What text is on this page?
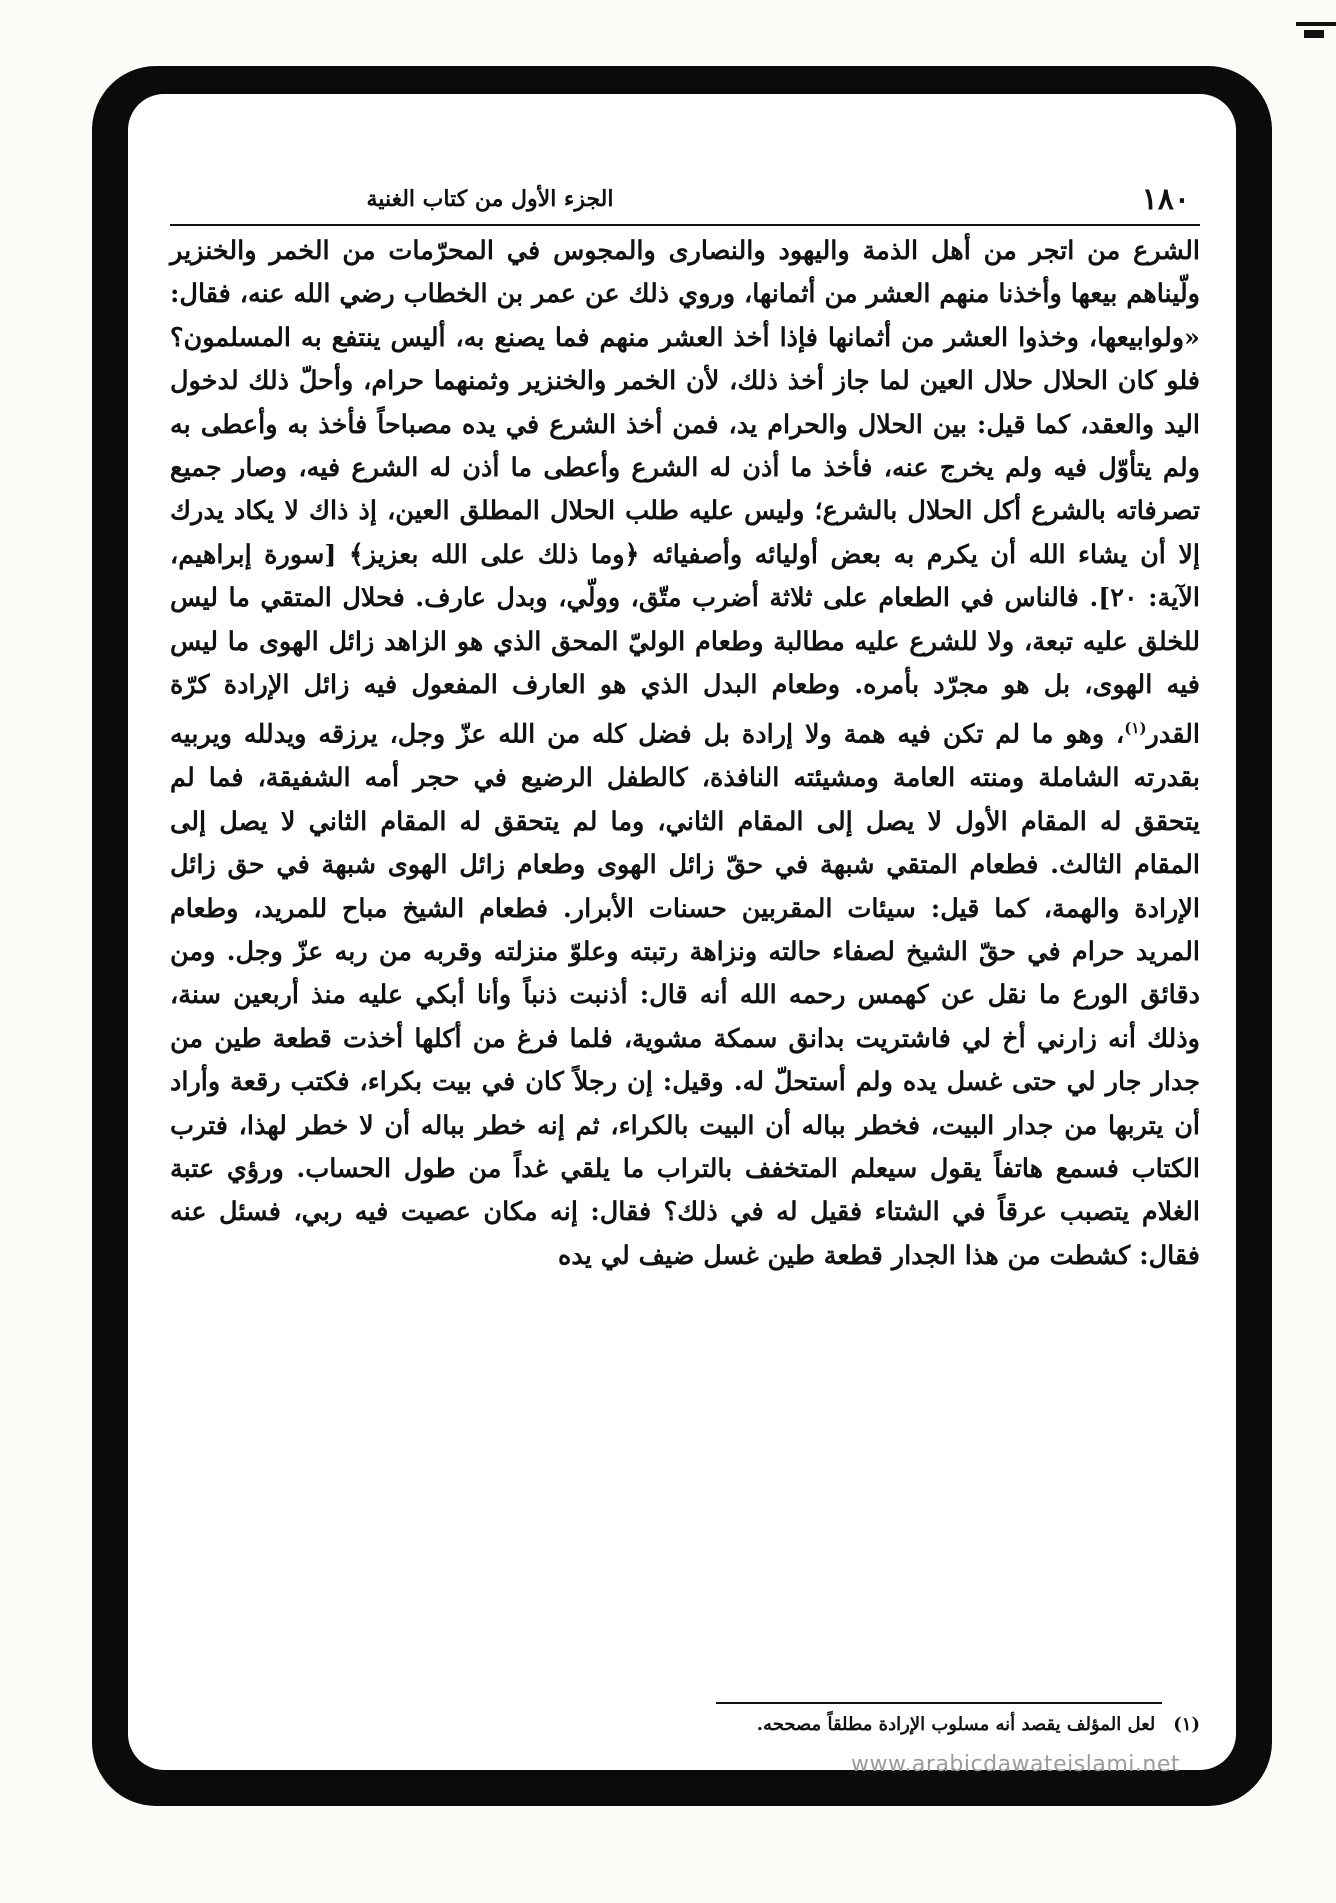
١٨٠
الجزء الأول من كتاب الغنية

الشرع من اتجر من أهل الذمة واليهود والنصارى والمجوس في المحرّمات من الخمر والخنزير ولّيناهم بيعها وأخذنا منهم العشر من أثمانها، وروي ذلك عن عمر بن الخطاب رضي الله عنه، فقال: «ولوابيعها، وخذوا العشر من أثمانها فإذا أخذ العشر منهم فما يصنع به، أليس ينتفع به المسلمون؟ فلو كان الحلال حلال العين لما جاز أخذ ذلك، لأن الخمر والخنزير وثمنهما حرام، وأحلّ ذلك لدخول اليد والعقد، كما قيل: بين الحلال والحرام يد، فمن أخذ الشرع في يده مصباحاً فأخذ به وأعطى به ولم يتأوّل فيه ولم يخرج عنه، فأخذ ما أذن له الشرع وأعطى ما أذن له الشرع فيه، وصار جميع تصرفاته بالشرع أكل الحلال بالشرع؛ وليس عليه طلب الحلال المطلق العين، إذ ذاك لا يكاد يدرك إلا أن يشاء الله أن يكرم به بعض أوليائه وأصفيائه ﴿وما ذلك على الله بعزيز﴾ [سورة إبراهيم، الآية: ٢٠]. فالناس في الطعام على ثلاثة أضرب متّق، وولّي، وبدل عارف. فحلال المتقي ما ليس للخلق عليه تبعة، ولا للشرع عليه مطالبة وطعام الوليّ المحق الذي هو الزاهد زائل الهوى ما ليس فيه الهوى، بل هو مجرّد بأمره. وطعام البدل الذي هو العارف المفعول فيه زائل الإرادة كرّة القدر$^{(١)}$، وهو ما لم تكن فيه همة ولا إرادة بل فضل كله من الله عزّ وجل، يرزقه ويدلله ويربيه بقدرته الشاملة ومنته العامة ومشيئته النافذة، كالطفل الرضيع في حجر أمه الشفيقة، فما لم يتحقق له المقام الأول لا يصل إلى المقام الثاني، وما لم يتحقق له المقام الثاني لا يصل إلى المقام الثالث. فطعام المتقي شبهة في حقّ زائل الهوى وطعام زائل الهوى شبهة في حق زائل الإرادة والهمة، كما قيل: سيئات المقربين حسنات الأبرار. فطعام الشيخ مباح للمريد، وطعام المريد حرام في حقّ الشيخ لصفاء حالته ونزاهة رتبته وعلوّ منزلته وقربه من ربه عزّ وجل. ومن دقائق الورع ما نقل عن كهمس رحمه الله أنه قال: أذنبت ذنباً وأنا أبكي عليه منذ أربعين سنة، وذلك أنه زارني أخ لي فاشتريت بدانق سمكة مشوية، فلما فرغ من أكلها أخذت قطعة طين من جدار جار لي حتى غسل يده ولم أستحلّ له. وقيل: إن رجلاً كان في بيت بكراء، فكتب رقعة وأراد أن يتربها من جدار البيت، فخطر بباله أن البيت بالكراء، ثم إنه خطر بباله أن لا خطر لهذا، فترب الكتاب فسمع هاتفاً يقول سيعلم المتخفف بالتراب ما يلقي غداً من طول الحساب. ورؤي عتبة الغلام يتصبب عرقاً في الشتاء فقيل له في ذلك؟ فقال: إنه مكان عصيت فيه ربي، فسئل عنه فقال: كشطت من هذا الجدار قطعة طين غسل ضيف لي يده

(١)لعل المؤلف يقصد أنه مسلوب الإرادة مطلقاً مصححه.
www.arabicdawateislami.net
